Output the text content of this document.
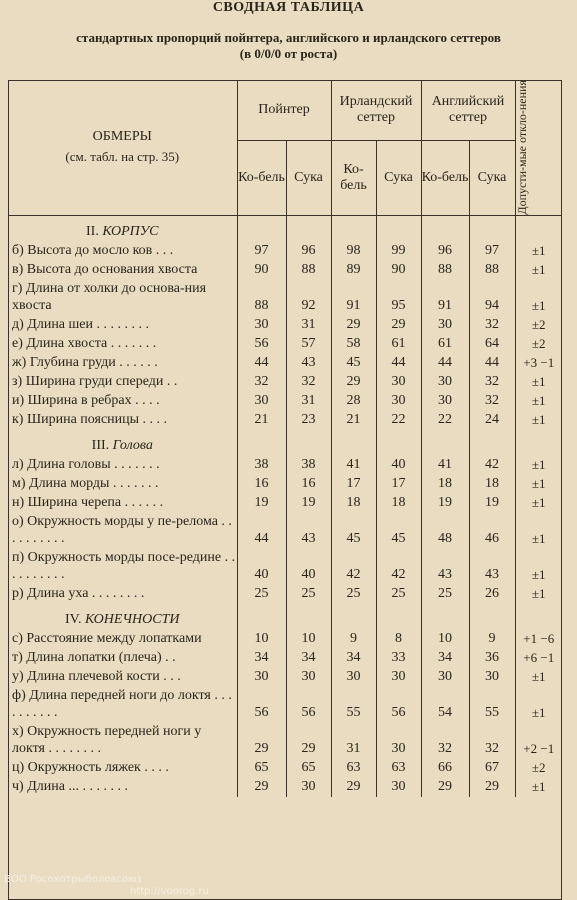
СВОДНАЯ ТАБЛИЦА
стандартных пропорций пойнтера, английского и ирландского сеттеров
(в 0/0/0 от роста)
ОБМЕРЫ
(см. табл. на стр. 35)	Пойнтер		Ирландский сеттер		Английский сеттер		Допусти-мые откло-нения

	Ко-бель	Сука	Ко-бель	Сука	Ко-бель	Сука	
II. КОРПУС							
б) Высота до мосло ков . . .	97	96	98	99	96	97	±1
в) Высота до основания хвоста	90	88	89	90	88	88	±1
г) Длина от холки до основа-ния хвоста	88	92	91	95	91	94	±1
д) Длина шеи . . . . . . . .	30	31	29	29	30	32	±2
е) Длина хвоста . . . . . . .	56	57	58	61	61	64	±2
ж) Глубина груди . . . . . .	44	43	45	44	44	44	+3 −1
з) Ширина груди спереди . .	32	32	29	30	30	32	±1
и) Ширина в ребрах . . . .	30	31	28	30	30	32	±1
к) Ширина поясницы . . . .	21	23	21	22	22	24	±1
III. Голова							
л) Длина головы . . . . . . .	38	38	41	40	41	42	±1
м) Длина морды . . . . . . .	16	16	17	17	18	18	±1
н) Ширина черепа . . . . . .	19	19	18	18	19	19	±1
о) Окружность морды у пе-релома . . . . . . . . . .	44	43	45	45	48	46	±1
п) Окружность морды посе-редине . . . . . . . . . .	40	40	42	42	43	43	±1
р) Длина уха . . . . . . . .	25	25	25	25	25	26	±1
IV. КОНЕЧНОСТИ							
с) Расстояние между лопатками	10	10	9	8	10	9	+1 −6
т) Длина лопатки (плеча) . .	34	34	34	33	34	36	+6 −1
у) Длина плечевой кости . . .	30	30	30	30	30	30	±1
ф) Длина передней ноги до локтя . . . . . . . . . .	56	56	55	56	54	55	±1
х) Окружность передней ноги у локтя . . . . . . . .	29	29	31	30	32	32	+2 −1
ц) Окружность ляжек . . . .	65	65	63	63	66	67	±2
ч) Длина ... . . . . . . .	29	30	29	30	29	29	±1
ВОО Росохотрыболовсоюз
http://voorog.ru
